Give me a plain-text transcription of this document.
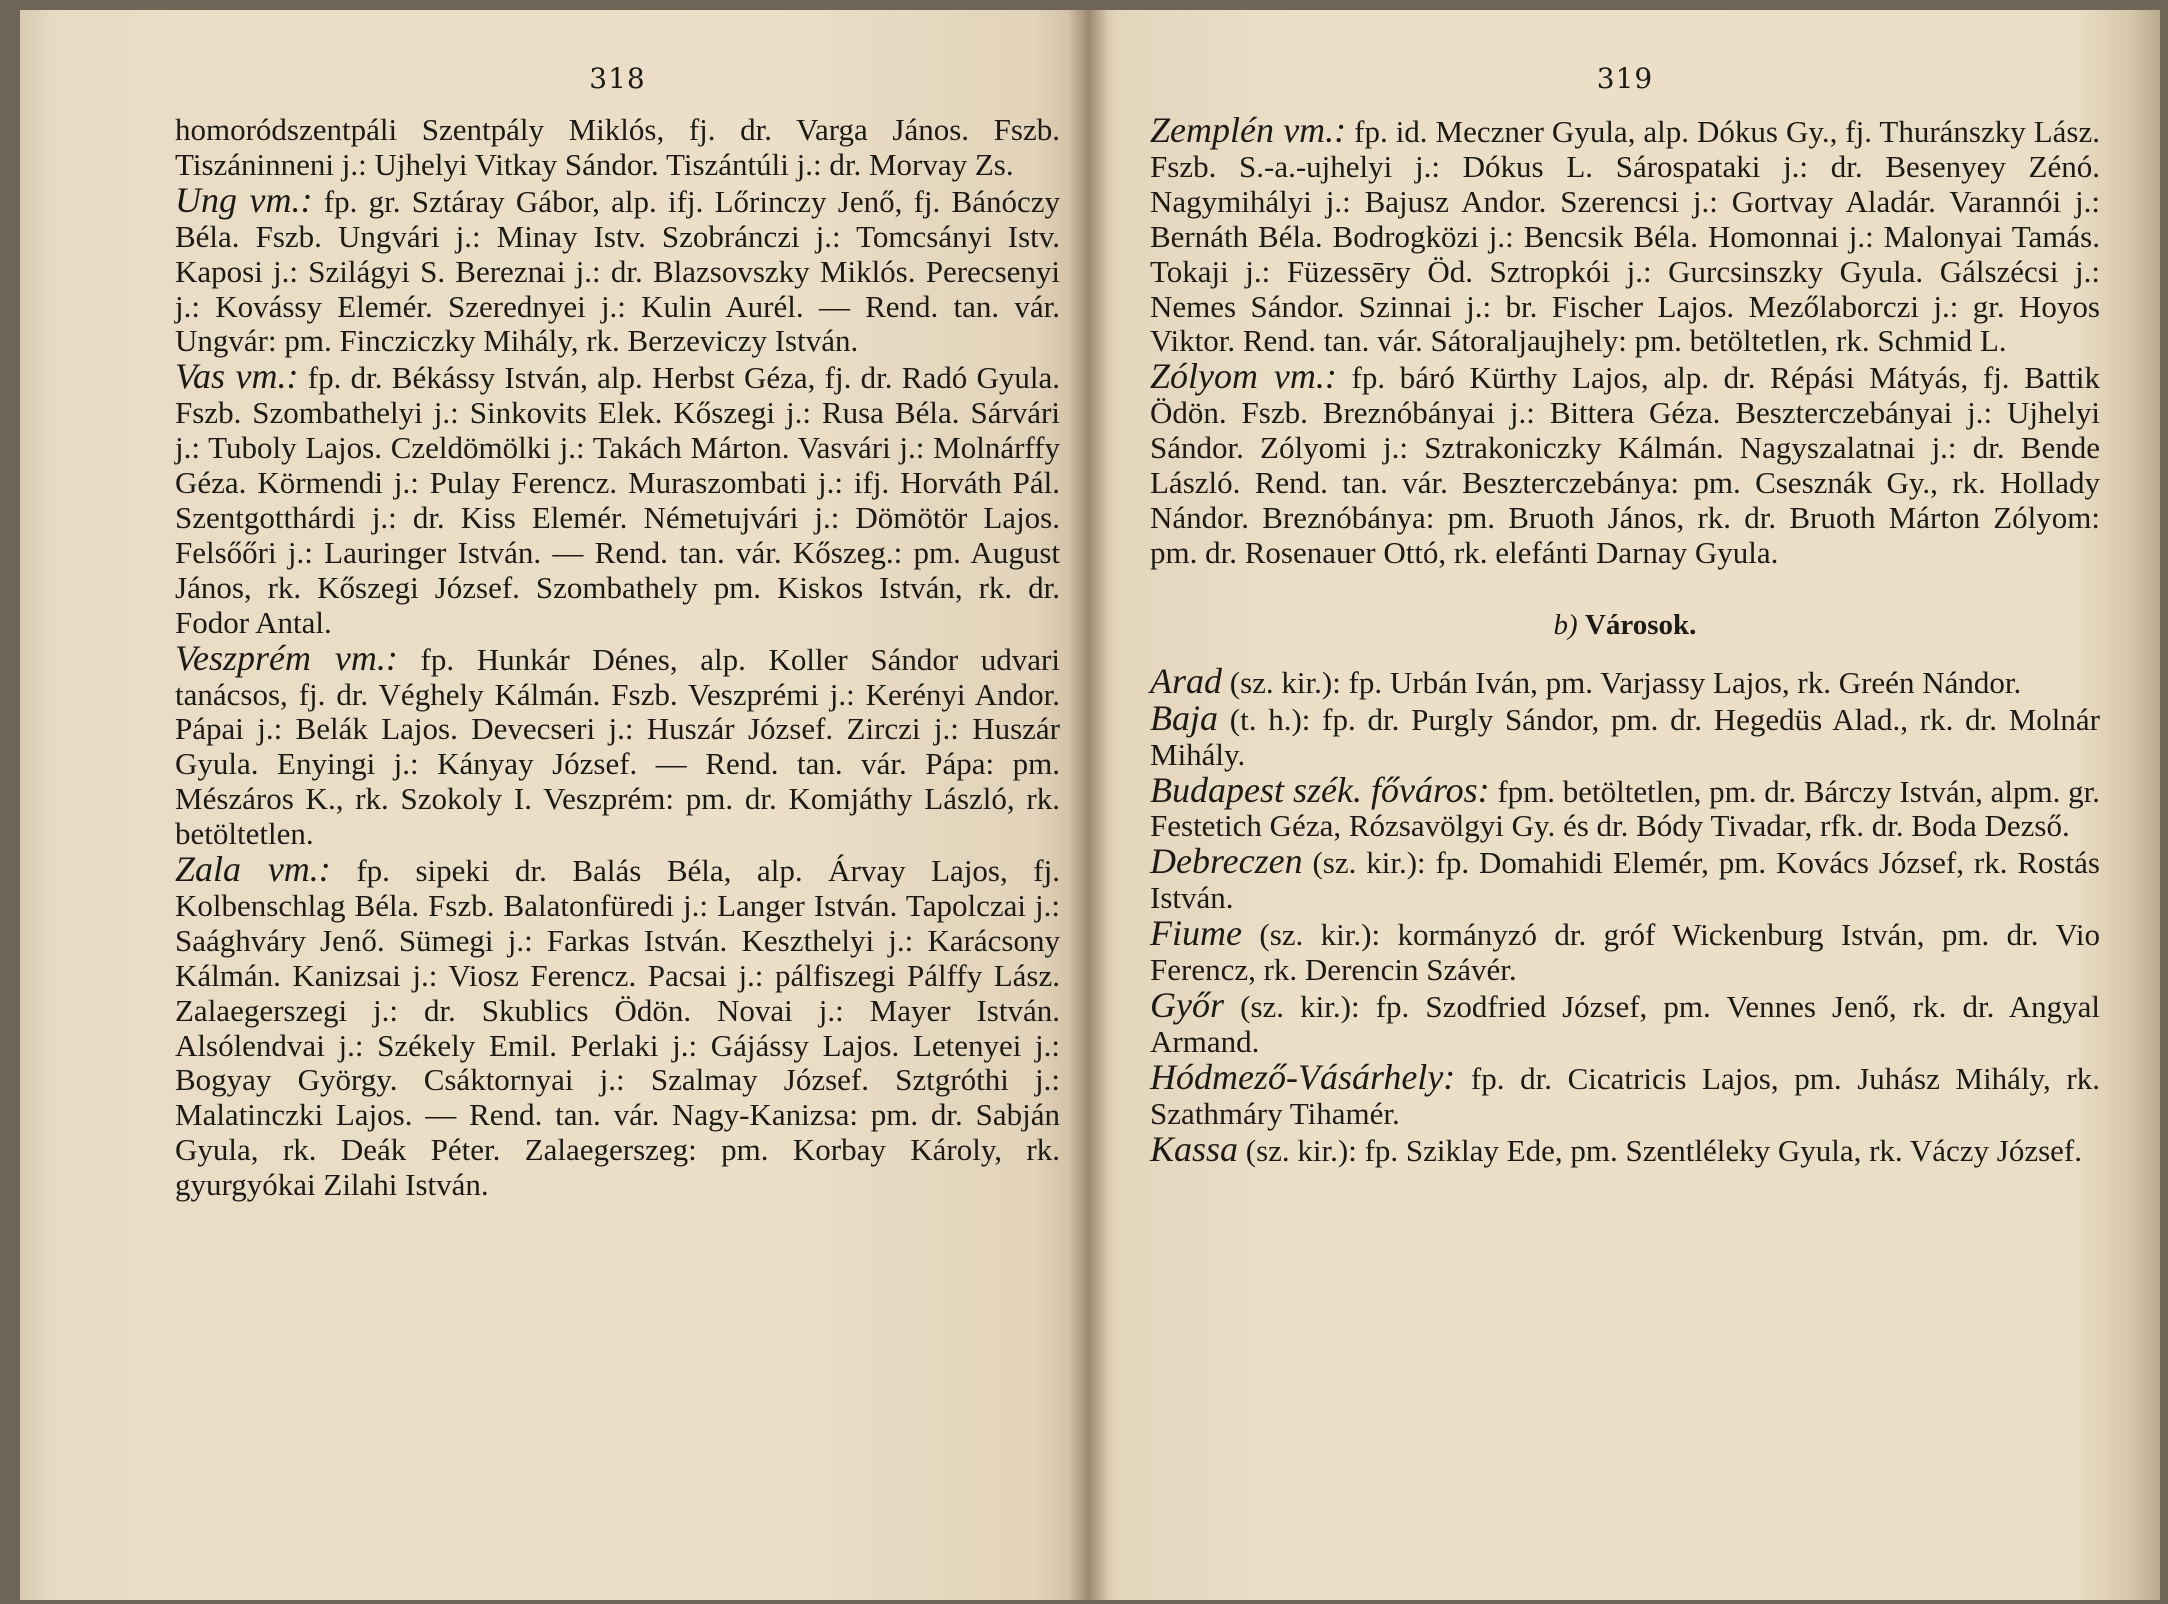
318

homoródszentpáli Szentpály Miklós, fj. dr. Varga János. Fszb. Tiszáninneni j.: Ujhelyi Vitkay Sándor. Tiszántúli j.: dr. Morvay Zs.

Ung vm.: fp. gr. Sztáray Gábor, alp. ifj. Lőrinczy Jenő, fj. Bánóczy Béla. Fszb. Ungvári j.: Minay Istv. Szobránczi j.: Tomcsányi Istv. Kaposi j.: Szilágyi S. Bereznai j.: dr. Blazsovszky Miklós. Perecsenyi j.: Kovássy Elemér. Szerednyei j.: Kulin Aurél. — Rend. tan. vár. Ungvár: pm. Fincziczky Mihály, rk. Berzeviczy István.

Vas vm.: fp. dr. Békássy István, alp. Herbst Géza, fj. dr. Radó Gyula. Fszb. Szombathelyi j.: Sinkovits Elek. Kőszegi j.: Rusa Béla. Sárvári j.: Tuboly Lajos. Czeldömölki j.: Takách Márton. Vasvári j.: Molnárffy Géza. Körmendi j.: Pulay Ferencz. Muraszombati j.: ifj. Horváth Pál. Szentgotthárdi j.: dr. Kiss Elemér. Németujvári j.: Dömötör Lajos. Felsőőri j.: Lauringer István. — Rend. tan. vár. Kőszeg.: pm. August János, rk. Kőszegi József. Szombathely pm. Kiskos István, rk. dr. Fodor Antal.

Veszprém vm.: fp. Hunkár Dénes, alp. Koller Sándor udvari tanácsos, fj. dr. Véghely Kálmán. Fszb. Veszprémi j.: Kerényi Andor. Pápai j.: Belák Lajos. Devecseri j.: Huszár József. Zirczi j.: Huszár Gyula. Enyingi j.: Kányay József. — Rend. tan. vár. Pápa: pm. Mészáros K., rk. Szokoly I. Veszprém: pm. dr. Komjáthy László, rk. betöltetlen.

Zala vm.: fp. sipeki dr. Balás Béla, alp. Árvay Lajos, fj. Kolbenschlag Béla. Fszb. Balatonfüredi j.: Langer István. Tapolczai j.: Saághváry Jenő. Sümegi j.: Farkas István. Keszthelyi j.: Karácsony Kálmán. Kanizsai j.: Viosz Ferencz. Pacsai j.: pálfiszegi Pálffy Lász. Zalaegerszegi j.: dr. Skublics Ödön. Novai j.: Mayer István. Alsólendvai j.: Székely Emil. Perlaki j.: Gájássy Lajos. Letenyei j.: Bogyay György. Csáktornyai j.: Szalmay József. Sztgróthi j.: Malatinczki Lajos. — Rend. tan. vár. Nagy-Kanizsa: pm. dr. Sabján Gyula, rk. Deák Péter. Zalaegerszeg: pm. Korbay Károly, rk. gyurgyókai Zilahi István.

319

Zemplén vm.: fp. id. Meczner Gyula, alp. Dókus Gy., fj. Thuránszky Lász. Fszb. S.-a.-ujhelyi j.: Dókus L. Sárospataki j.: dr. Besenyey Zénó. Nagymihályi j.: Bajusz Andor. Szerencsi j.: Gortvay Aladár. Varannói j.: Bernáth Béla. Bodrogközi j.: Bencsik Béla. Homonnai j.: Malonyai Tamás. Tokaji j.: Füzessēry Öd. Sztropkói j.: Gurcsinszky Gyula. Gálszécsi j.: Nemes Sándor. Szinnai j.: br. Fischer Lajos. Mezőlaborczi j.: gr. Hoyos Viktor. Rend. tan. vár. Sátoraljaujhely: pm. betöltetlen, rk. Schmid L.

Zólyom vm.: fp. báró Kürthy Lajos, alp. dr. Répási Mátyás, fj. Battik Ödön. Fszb. Breznóbányai j.: Bittera Géza. Beszterczebányai j.: Ujhelyi Sándor. Zólyomi j.: Sztrakoniczky Kálmán. Nagyszalatnai j.: dr. Bende László. Rend. tan. vár. Beszterczebánya: pm. Csesznák Gy., rk. Hollady Nándor. Breznóbánya: pm. Bruoth János, rk. dr. Bruoth Márton Zólyom: pm. dr. Rosenauer Ottó, rk. elefánti Darnay Gyula.

b) Városok.

Arad (sz. kir.): fp. Urbán Iván, pm. Varjassy Lajos, rk. Greén Nándor.

Baja (t. h.): fp. dr. Purgly Sándor, pm. dr. Hegedüs Alad., rk. dr. Molnár Mihály.

Budapest szék. főváros: fpm. betöltetlen, pm. dr. Bárczy István, alpm. gr. Festetich Géza, Rózsavölgyi Gy. és dr. Bódy Tivadar, rfk. dr. Boda Dezső.

Debreczen (sz. kir.): fp. Domahidi Elemér, pm. Kovács József, rk. Rostás István.

Fiume (sz. kir.): kormányzó dr. gróf Wickenburg István, pm. dr. Vio Ferencz, rk. Derencin Szávér.

Győr (sz. kir.): fp. Szodfried József, pm. Vennes Jenő, rk. dr. Angyal Armand.

Hódmező-Vásárhely: fp. dr. Cicatricis Lajos, pm. Juhász Mihály, rk. Szathmáry Tihamér.

Kassa (sz. kir.): fp. Sziklay Ede, pm. Szentléleky Gyula, rk. Váczy József.
